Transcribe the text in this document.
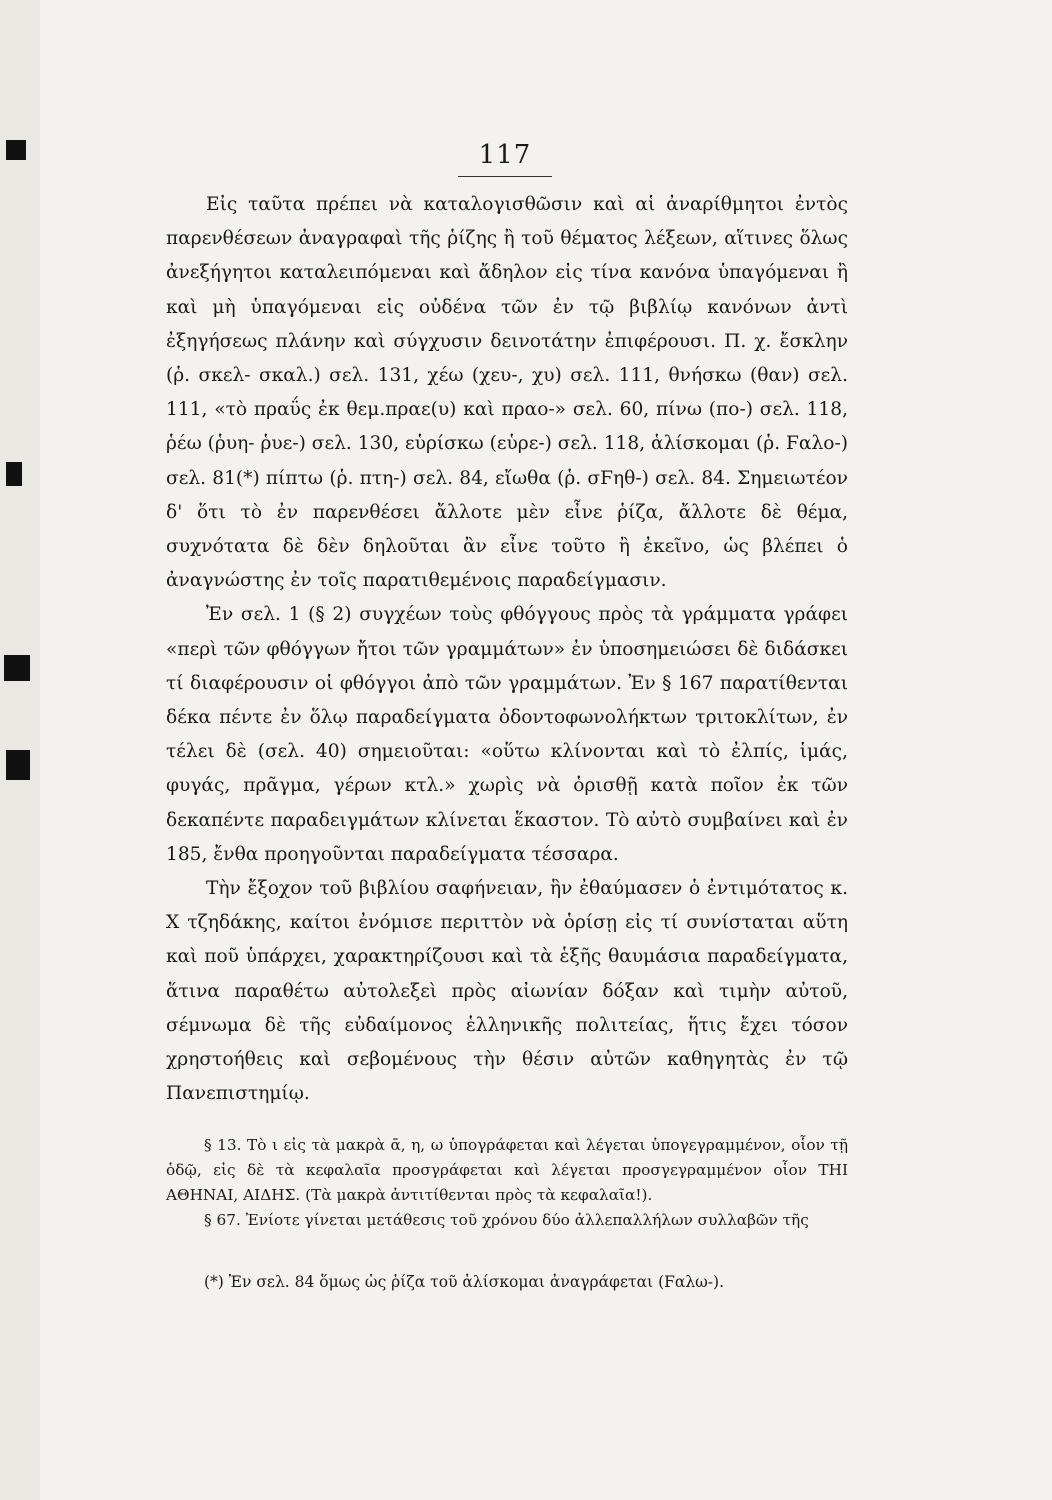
117

Εἰς ταῦτα πρέπει νὰ καταλογισθῶσιν καὶ αἱ ἀναρίθμητοι ἐντὸς παρενθέσεων ἀναγραφαὶ τῆς ῥίζης ἢ τοῦ θέματος λέξεων, αἵτινες ὅλως ἀνεξήγητοι καταλειπόμεναι καὶ ἄδηλον εἰς τίνα κανόνα ὑπαγόμεναι ἢ καὶ μὴ ὑπαγόμεναι εἰς οὐδένα τῶν ἐν τῷ βιβλίῳ κανόνων ἀντὶ ἐξηγήσεως πλάνην καὶ σύγχυσιν δεινοτάτην ἐπιφέρουσι. Π. χ. ἔσκλην (ῥ. σκελ- σκαλ.) σελ. 131, χέω (χευ-, χυ) σελ. 111, θνήσκω (θαν) σελ. 111, «τὸ πραΰς ἐκ θεμ.πραε(υ) καὶ πραο-» σελ. 60, πίνω (πο-) σελ. 118, ῥέω (ῥυη- ῥυε-) σελ. 130, εὑρίσκω (εὑρε-) σελ. 118, ἁλίσκομαι (ῥ. Ϝαλο-) σελ. 81(*) πίπτω (ῥ. πτη-) σελ. 84, εἴωθα (ῥ. σϜηθ-) σελ. 84. Σημειωτέον δ' ὅτι τὸ ἐν παρενθέσει ἄλλοτε μὲν εἶνε ῥίζα, ἄλλοτε δὲ θέμα, συχνότατα δὲ δὲν δηλοῦται ἂν εἶνε τοῦτο ἢ ἐκεῖνο, ὡς βλέπει ὁ ἀναγνώστης ἐν τοῖς παρατιθεμένοις παραδείγμασιν.

Ἐν σελ. 1 (§ 2) συγχέων τοὺς φθόγγους πρὸς τὰ γράμματα γράφει «περὶ τῶν φθόγγων ἤτοι τῶν γραμμάτων» ἐν ὑποσημειώσει δὲ διδάσκει τί διαφέρουσιν οἱ φθόγγοι ἀπὸ τῶν γραμμάτων. Ἐν § 167 παρατίθενται δέκα πέντε ἐν ὅλῳ παραδείγματα ὀδοντοφωνολήκτων τριτοκλίτων, ἐν τέλει δὲ (σελ. 40) σημειοῦται: «οὕτω κλίνονται καὶ τὸ ἐλπίς, ἱμάς, φυγάς, πρᾶγμα, γέρων κτλ.» χωρὶς νὰ ὁρισθῇ κατὰ ποῖον ἐκ τῶν δεκαπέντε παραδειγμάτων κλίνεται ἕκαστον. Τὸ αὐτὸ συμβαίνει καὶ ἐν 185, ἔνθα προηγοῦνται παραδείγματα τέσσαρα.

Τὴν ἔξοχον τοῦ βιβλίου σαφήνειαν, ἣν ἐθαύμασεν ὁ ἐντιμότατος κ. Χ τζηδάκης, καίτοι ἐνόμισε περιττὸν νὰ ὁρίσῃ εἰς τί συνίσταται αὕτη καὶ ποῦ ὑπάρχει, χαρακτηρίζουσι καὶ τὰ ἑξῆς θαυμάσια παραδείγματα, ἅτινα παραθέτω αὐτολεξεὶ πρὸς αἰωνίαν δόξαν καὶ τιμὴν αὐτοῦ, σέμνωμα δὲ τῆς εὐδαίμονος ἑλληνικῆς πολιτείας, ἥτις ἔχει τόσον χρηστοήθεις καὶ σεβομένους τὴν θέσιν αὐτῶν καθηγητὰς ἐν τῷ Πανεπιστημίῳ.

§ 13. Τὸ ι εἰς τὰ μακρὰ ᾱ, η, ω ὑπογράφεται καὶ λέγεται ὑπογεγραμμένον, οἷον τῇ ὁδῷ, εἰς δὲ τὰ κεφαλαῖα προσγράφεται καὶ λέγεται προσγεγραμμένον οἷον ΤΗΙ ΑΘΗΝΑΙ, ΑΙΔΗΣ. (Τὰ μακρὰ ἀντιτίθενται πρὸς τὰ κεφαλαῖα!).

§ 67. Ἐνίοτε γίνεται μετάθεσις τοῦ χρόνου δύο ἀλλεπαλλήλων συλλαβῶν τῆς

(*) Ἐν σελ. 84 ὅμως ὡς ῥίζα τοῦ ἁλίσκομαι ἀναγράφεται (Ϝαλω-).
